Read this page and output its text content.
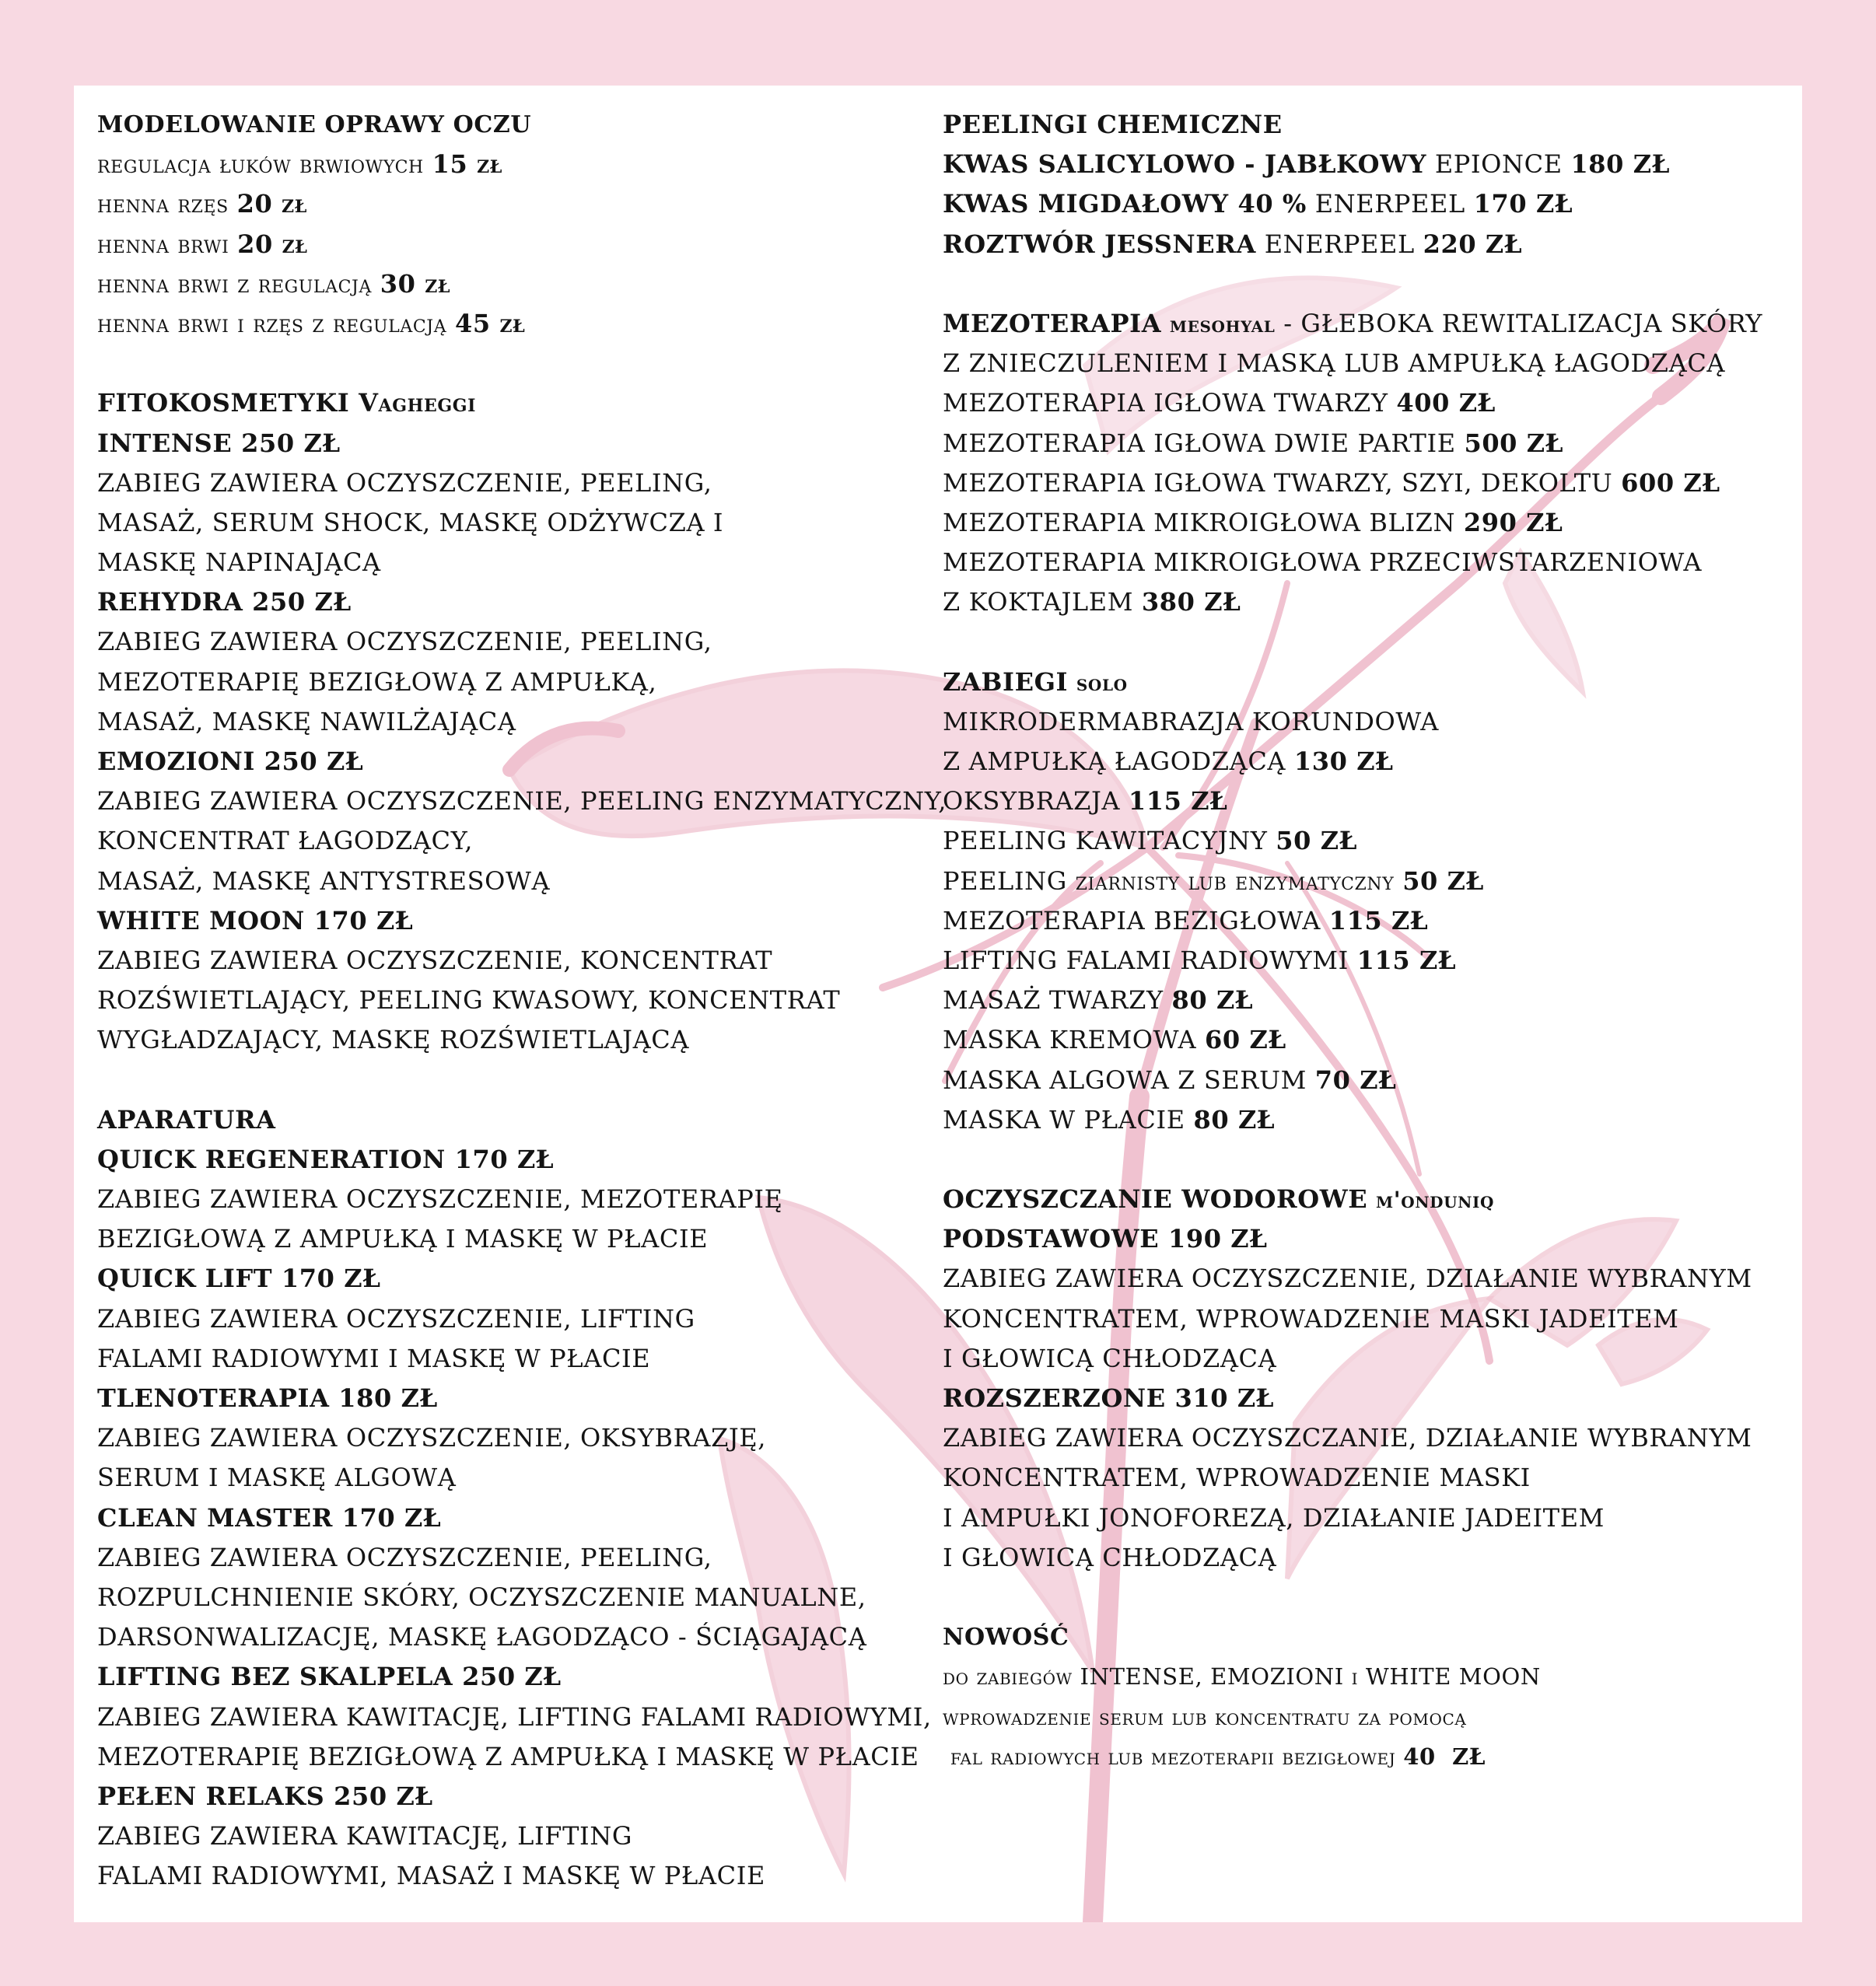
MODELOWANIE OPRAWY OCZU
regulacja łuków brwiowych 15 zł
henna rzęs 20 zł
henna brwi 20 zł
henna brwi z regulacją 30 zł
henna brwi i rzęs z regulacją 45 zł
FITOKOSMETYKI Vagheggi
INTENSE 250 ZŁ
ZABIEG ZAWIERA OCZYSZCZENIE, PEELING,
MASAŻ, SERUM SHOCK, MASKĘ ODŻYWCZĄ I
MASKĘ NAPINAJĄCĄ
REHYDRA 250 ZŁ
ZABIEG ZAWIERA OCZYSZCZENIE, PEELING,
MEZOTERAPIĘ BEZIGŁOWĄ Z AMPUŁKĄ,
MASAŻ, MASKĘ NAWILŻAJĄCĄ
EMOZIONI 250 ZŁ
ZABIEG ZAWIERA OCZYSZCZENIE, PEELING ENZYMATYCZNY,
KONCENTRAT ŁAGODZĄCY,
MASAŻ, MASKĘ ANTYSTRESOWĄ
WHITE MOON 170 ZŁ
ZABIEG ZAWIERA OCZYSZCZENIE, KONCENTRAT
ROZŚWIETLAJĄCY, PEELING KWASOWY, KONCENTRAT
WYGŁADZAJĄCY, MASKĘ ROZŚWIETLAJĄCĄ
APARATURA
QUICK REGENERATION 170 ZŁ
ZABIEG ZAWIERA OCZYSZCZENIE, MEZOTERAPIĘ
BEZIGŁOWĄ Z AMPUŁKĄ I MASKĘ W PŁACIE
QUICK LIFT 170 ZŁ
ZABIEG ZAWIERA OCZYSZCZENIE, LIFTING
FALAMI RADIOWYMI I MASKĘ W PŁACIE
TLENOTERAPIA 180 ZŁ
ZABIEG ZAWIERA OCZYSZCZENIE, OKSYBRAZJĘ,
SERUM I MASKĘ ALGOWĄ
CLEAN MASTER 170 ZŁ
ZABIEG ZAWIERA OCZYSZCZENIE, PEELING,
ROZPULCHNIENIE SKÓRY, OCZYSZCZENIE MANUALNE,
DARSONWALIZACJĘ, MASKĘ ŁAGODZĄCO - ŚCIĄGAJĄCĄ
LIFTING BEZ SKALPELA 250 ZŁ
ZABIEG ZAWIERA KAWITACJĘ, LIFTING FALAMI RADIOWYMI,
MEZOTERAPIĘ BEZIGŁOWĄ Z AMPUŁKĄ I MASKĘ W PŁACIE
PEŁEN RELAKS 250 ZŁ
ZABIEG ZAWIERA KAWITACJĘ, LIFTING
FALAMI RADIOWYMI, MASAŻ I MASKĘ W PŁACIE
PEELINGI CHEMICZNE
KWAS SALICYLOWO - JABŁKOWY EPIONCE 180 ZŁ
KWAS MIGDAŁOWY 40 % ENERPEEL 170 ZŁ
ROZTWÓR JESSNERA ENERPEEL 220 ZŁ
MEZOTERAPIA mesohyal - GŁEBOKA REWITALIZACJA SKÓRY
Z ZNIECZULENIEM I MASKĄ LUB AMPUŁKĄ ŁAGODZĄCĄ
MEZOTERAPIA IGŁOWA TWARZY 400 ZŁ
MEZOTERAPIA IGŁOWA DWIE PARTIE 500 ZŁ
MEZOTERAPIA IGŁOWA TWARZY, SZYI, DEKOLTU 600 ZŁ
MEZOTERAPIA MIKROIGŁOWA BLIZN 290 ZŁ
MEZOTERAPIA MIKROIGŁOWA PRZECIWSTARZENIOWA
Z KOKTAJLEM 380 ZŁ
ZABIEGI solo
MIKRODERMABRAZJA KORUNDOWA
Z AMPUŁKĄ ŁAGODZĄCĄ 130 ZŁ
OKSYBRAZJA 115 ZŁ
PEELING KAWITACYJNY 50 ZŁ
PEELING ziarnisty lub enzymatyczny 50 ZŁ
MEZOTERAPIA BEZIGŁOWA 115 ZŁ
LIFTING FALAMI RADIOWYMI 115 ZŁ
MASAŻ TWARZY 80 ZŁ
MASKA KREMOWA 60 ZŁ
MASKA ALGOWA Z SERUM 70 ZŁ
MASKA W PŁACIE 80 ZŁ
OCZYSZCZANIE WODOROWE m'onduniq
PODSTAWOWE 190 ZŁ
ZABIEG ZAWIERA OCZYSZCZENIE, DZIAŁANIE WYBRANYM
KONCENTRATEM, WPROWADZENIE MASKI JADEITEM
I GŁOWICĄ CHŁODZĄCĄ
ROZSZERZONE 310 ZŁ
ZABIEG ZAWIERA OCZYSZCZANIE, DZIAŁANIE WYBRANYM
KONCENTRATEM, WPROWADZENIE MASKI
I AMPUŁKI JONOFOREZĄ, DZIAŁANIE JADEITEM
I GŁOWICĄ CHŁODZĄCĄ
NOWOŚĆ
do zabiegów INTENSE, EMOZIONI i WHITE MOON
wprowadzenie serum lub koncentratu za pomocą
fal radiowych lub mezoterapii bezigłowej 40  ZŁ
